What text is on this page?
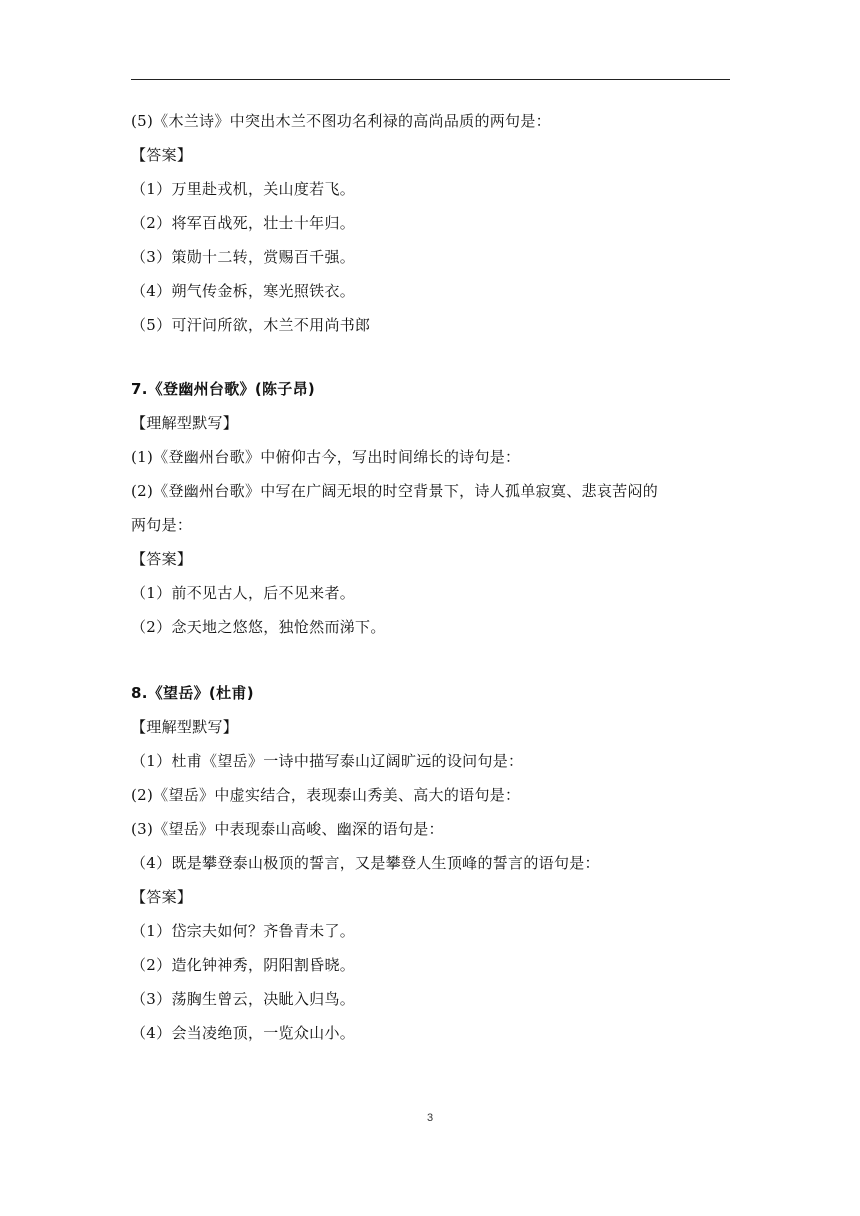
(5)《木兰诗》中突出木兰不图功名利禄的高尚品质的两句是：
【答案】
（1）万里赴戎机，关山度若飞。
（2）将军百战死，壮士十年归。
（3）策勋十二转，赏赐百千强。
（4）朔气传金柝，寒光照铁衣。
（5）可汗问所欲，木兰不用尚书郎
7.《登幽州台歌》(陈子昂)
【理解型默写】
(1)《登幽州台歌》中俯仰古今，写出时间绵长的诗句是：
(2)《登幽州台歌》中写在广阔无垠的时空背景下，诗人孤单寂寞、悲哀苦闷的
两句是：
【答案】
（1）前不见古人，后不见来者。
（2）念天地之悠悠，独怆然而涕下。
8.《望岳》(杜甫)
【理解型默写】
（1）杜甫《望岳》一诗中描写泰山辽阔旷远的设问句是：
(2)《望岳》中虚实结合，表现泰山秀美、高大的语句是：
(3)《望岳》中表现泰山高峻、幽深的语句是：
（4）既是攀登泰山极顶的誓言，又是攀登人生顶峰的誓言的语句是：
【答案】
（1）岱宗夫如何？齐鲁青未了。
（2）造化钟神秀，阴阳割昏晓。
（3）荡胸生曾云，决眦入归鸟。
（4）会当凌绝顶，一览众山小。
3
